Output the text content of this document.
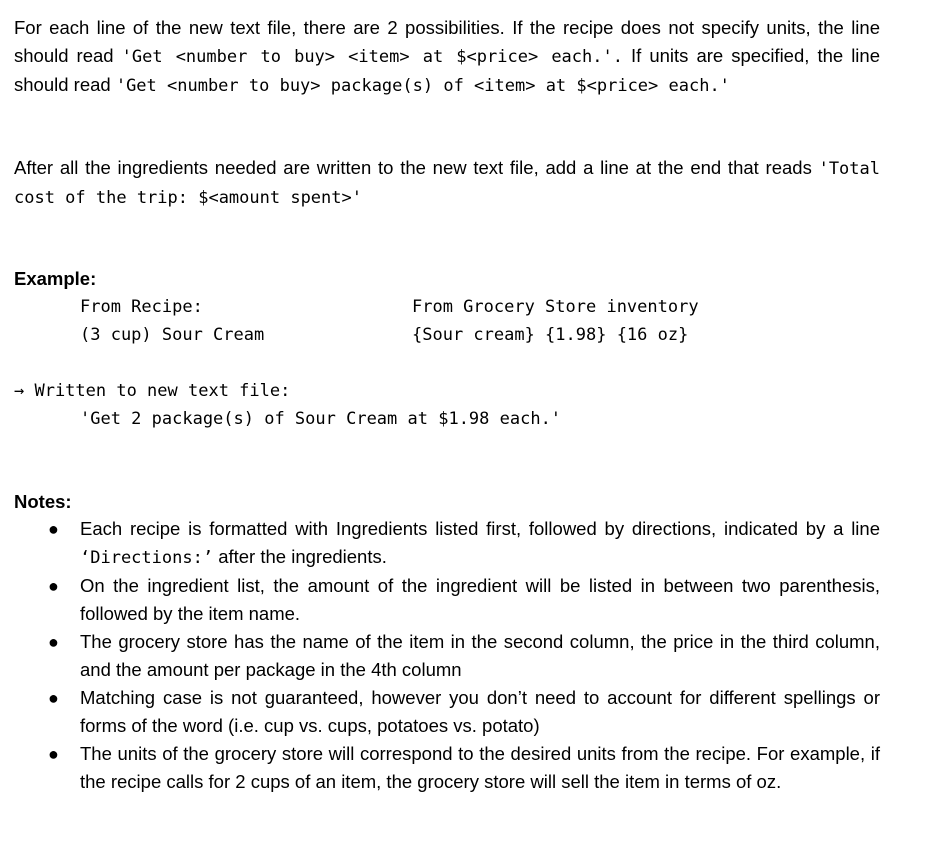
For each line of the new text file, there are 2 possibilities. If the recipe does not specify units, the line should read 'Get <number to buy> <item> at $<price> each.'. If units are specified, the line should read 'Get <number to buy> package(s) of <item> at $<price> each.'

After all the ingredients needed are written to the new text file, add a line at the end that reads 'Total cost of the trip: $<amount spent>'

Example:
From Recipe:
(3 cup) Sour Cream
From Grocery Store inventory
{Sour cream} {1.98} {16 oz}
→ Written to new text file:
'Get 2 package(s) of Sour Cream at $1.98 each.'
Notes:
● Each recipe is formatted with Ingredients listed first, followed by directions, indicated by a line ‘Directions:’ after the ingredients.
● On the ingredient list, the amount of the ingredient will be listed in between two parenthesis, followed by the item name.
● The grocery store has the name of the item in the second column, the price in the third column, and the amount per package in the 4th column
● Matching case is not guaranteed, however you don’t need to account for different spellings or forms of the word (i.e. cup vs. cups, potatoes vs. potato)
● The units of the grocery store will correspond to the desired units from the recipe. For example, if the recipe calls for 2 cups of an item, the grocery store will sell the item in terms of oz.
